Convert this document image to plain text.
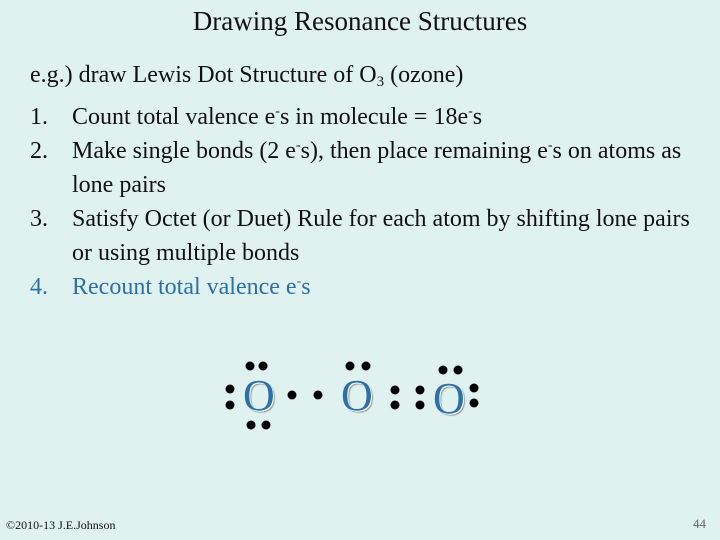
Drawing Resonance Structures
e.g.) draw Lewis Dot Structure of $O_3$ (ozone)
1. Count total valence e-s in molecule = 18e-s
2. Make single bonds (2 e-s), then place remaining e-s on atoms as lone pairs
3. Satisfy Octet (or Duet) Rule for each atom by shifting lone pairs or using multiple bonds
4. Recount total valence e-s
O O O
©2010-13 J.E.Johnson	44
